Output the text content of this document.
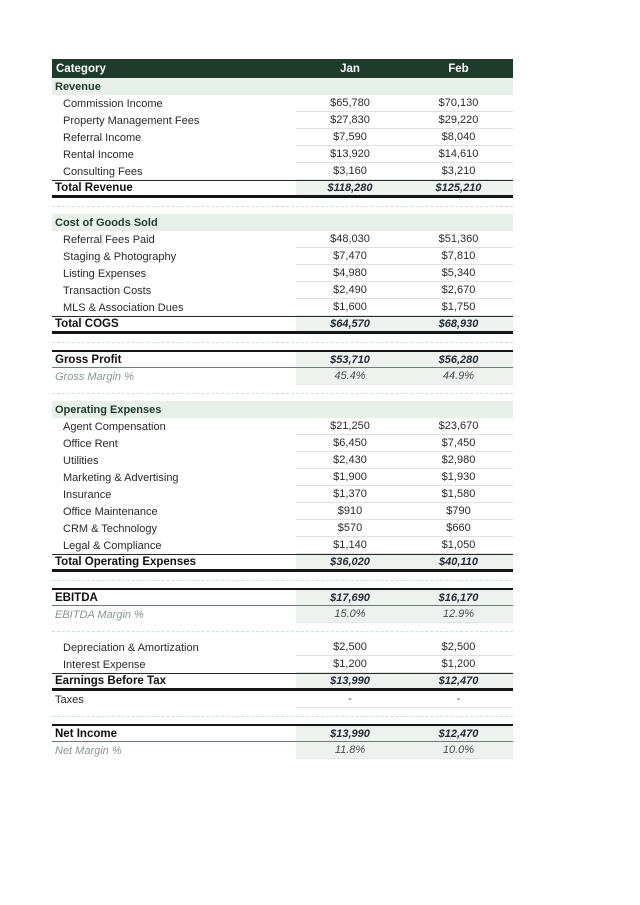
Category	Jan	Feb
Revenue
Commission Income	$65,780	$70,130
Property Management Fees	$27,830	$29,220
Referral Income	$7,590	$8,040
Rental Income	$13,920	$14,610
Consulting Fees	$3,160	$3,210
Total Revenue	$118,280	$125,210
Cost of Goods Sold
Referral Fees Paid	$48,030	$51,360
Staging & Photography	$7,470	$7,810
Listing Expenses	$4,980	$5,340
Transaction Costs	$2,490	$2,670
MLS & Association Dues	$1,600	$1,750
Total COGS	$64,570	$68,930
Gross Profit	$53,710	$56,280
Gross Margin %	45.4%	44.9%
Operating Expenses
Agent Compensation	$21,250	$23,670
Office Rent	$6,450	$7,450
Utilities	$2,430	$2,980
Marketing & Advertising	$1,900	$1,930
Insurance	$1,370	$1,580
Office Maintenance	$910	$790
CRM & Technology	$570	$660
Legal & Compliance	$1,140	$1,050
Total Operating Expenses	$36,020	$40,110
EBITDA	$17,690	$16,170
EBITDA Margin %	15.0%	12.9%
Depreciation & Amortization	$2,500	$2,500
Interest Expense	$1,200	$1,200
Earnings Before Tax	$13,990	$12,470
Taxes	-	-
Net Income	$13,990	$12,470
Net Margin %	11.8%	10.0%
